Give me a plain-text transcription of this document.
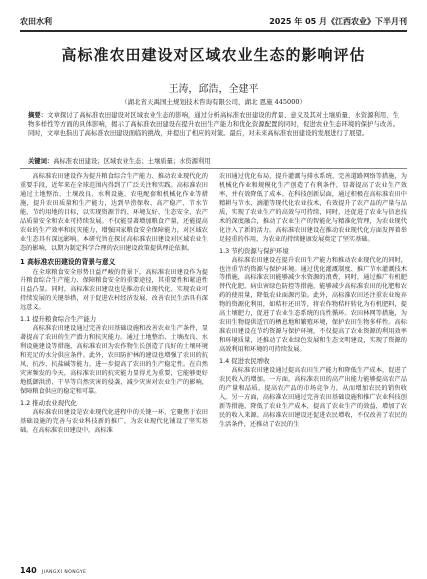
农田水利	2025 年 05 月《江西农业》下半月刊
高标准农田建设对区域农业生态的影响评估
王涛，邱浩，全建平
（湖北省天禹国土规划技术咨询有限公司，湖北 恩施 445000）
摘要：文章探讨了高标准农田建设对区域农业生态的影响，通过分析高标准农田建设的背景、意义及其对土壤质量、水资源利用、生物多样性等方面的具体影响，揭示了高标准农田建设在提升农田生产能力和优化资源配置的同时，促进农业生态环境的保护与改善。同时，文章也指出了高标准农田建设面临的挑战，并提出了相应的对策。最后，对未来高标准农田建设的发展进行了展望。
关键词：高标准农田建设；区域农业生态；土壤质量；水资源利用

高标准农田建设作为提升粮食综合生产能力、推动农业现代化的重要手段，近年来在全球范围内得到了广泛关注和实践。高标准农田通过土地整治、土壤改良、水利设施、农电配套和机械化作业等措施，提升农田质量和生产能力，达到旱涝保收、高产稳产、节水节能、节约用地的目标，以实现资源节约、环境友好、生态安全、农产品质量安全和农业可持续发展。不仅能显著增加粮食产量，还能提高农业的生产效率和抗灾能力，增强国家粮食安全保障能力，对区域农业生态具有深远影响。本研究旨在探讨高标准农田建设对区域农业生态的影响，以期为制定科学合理的农田建设政策提供理论依据。

1 高标准农田建设的背景与意义

在全球粮食安全形势日益严峻的背景下，高标准农田建设作为提升粮食综合生产能力、保障粮食安全的重要途径，其重要性和紧迫性日益凸显。同时，高标准农田建设也是推动农业现代化、实现农业可持续发展的关键举措，对于促进农村经济发展、改善农民生活具有深远意义。

1.1 提升粮食综合生产能力

高标准农田建设通过完善农田基础设施和改善农业生产条件，显著提高了农田的生产潜力和抗灾能力。通过土地整治、土壤改良、水利设施建设等措施，高标准农田为农作物生长创造了良好的土壤环境和充足的水分供应条件。此外，农田防护林的建设也增强了农田的抗风、抗沙、抗盐碱等能力，进一步提高了农田的生产稳定性。在自然灾害频发的今天，高标准农田的抗灾能力显得尤为重要，它能够更好地抵御洪涝、干旱等自然灾害的侵袭，减少灾害对农业生产的影响，保障粮食供应的稳定和可靠。

1.2 推动农业现代化

高标准农田建设是农业现代化进程中的关键一环，它聚焦于农田基础设施的完善与农业科技新的推广，为农业现代化铺设了坚实基础。在高标准农田建设中，高标准

农田通过优化布局，提升灌溉与排水系统、完善道路网络等措施，为机械化作业和规模化生产创造了有利条件，显著提高了农业生产效率，并有效降低了成本。在科技创新层面，通过积极在高标准农田中精耕与节水、滴灌等现代化农业技术，有效提升了农产品的产量与品质，实现了农业生产的高效与可持续，同时，还促进了农业与信息技术的深度融合，推动了农业生产的智能化与精准化管理，为农业现代化注入了新的活力。高标准农田建设在推动农业现代化方面发挥着举足轻重的作用，为农业的持续健康发展奠定了坚实基础。

1.3 节约资源与保护环境

高标准农田建设在提升农田生产能力和推动农业现代化的同时，也注重节约资源与保护环境。通过优化灌溉制度、推广节水灌溉技术等措施，高标准农田能够减少水资源的浪费，同时，通过推广有机肥替代化肥，病虫害绿色防控等措施，能够减少高标准农田的化肥和农药的使用量，降低农业面源污染。此外，高标准农田还注重农业废弃物的资源化利用，如秸秆还田等，将农作物秸秆转化为有机肥料，提高土壤肥力，促进了农业生态系统的良性循环。农田林网等措施，为农田生物提供适宜的栖息地和繁殖环境，保护农田生物多样性。高标准农田建设在节约资源与保护环境，不仅提高了农业资源的利用效率和环境质量，还推动了农业绿色发展和生态文明建设，实现了资源的高效利用和环境的可持续发展。

1.4 促进农民增收

高标准农田建设通过提高农田生产能力和降低生产成本，促进了农民收入的增加。一方面，高标准农田的高产出能力能够提高农产品的产量和品质，提高农产品的市场竞争力，从而增加农民的销售收入。另一方面，高标准农田通过完善农田基础设施和推广农业科技创新等措施，降低了农业生产成本，提高了农业生产的效益，增加了农民的收入来源。高标准农田建设还促进农民增收，不仅改善了农民的生活条件，还推动了农民的生

140 JIANGXI NONGYE
